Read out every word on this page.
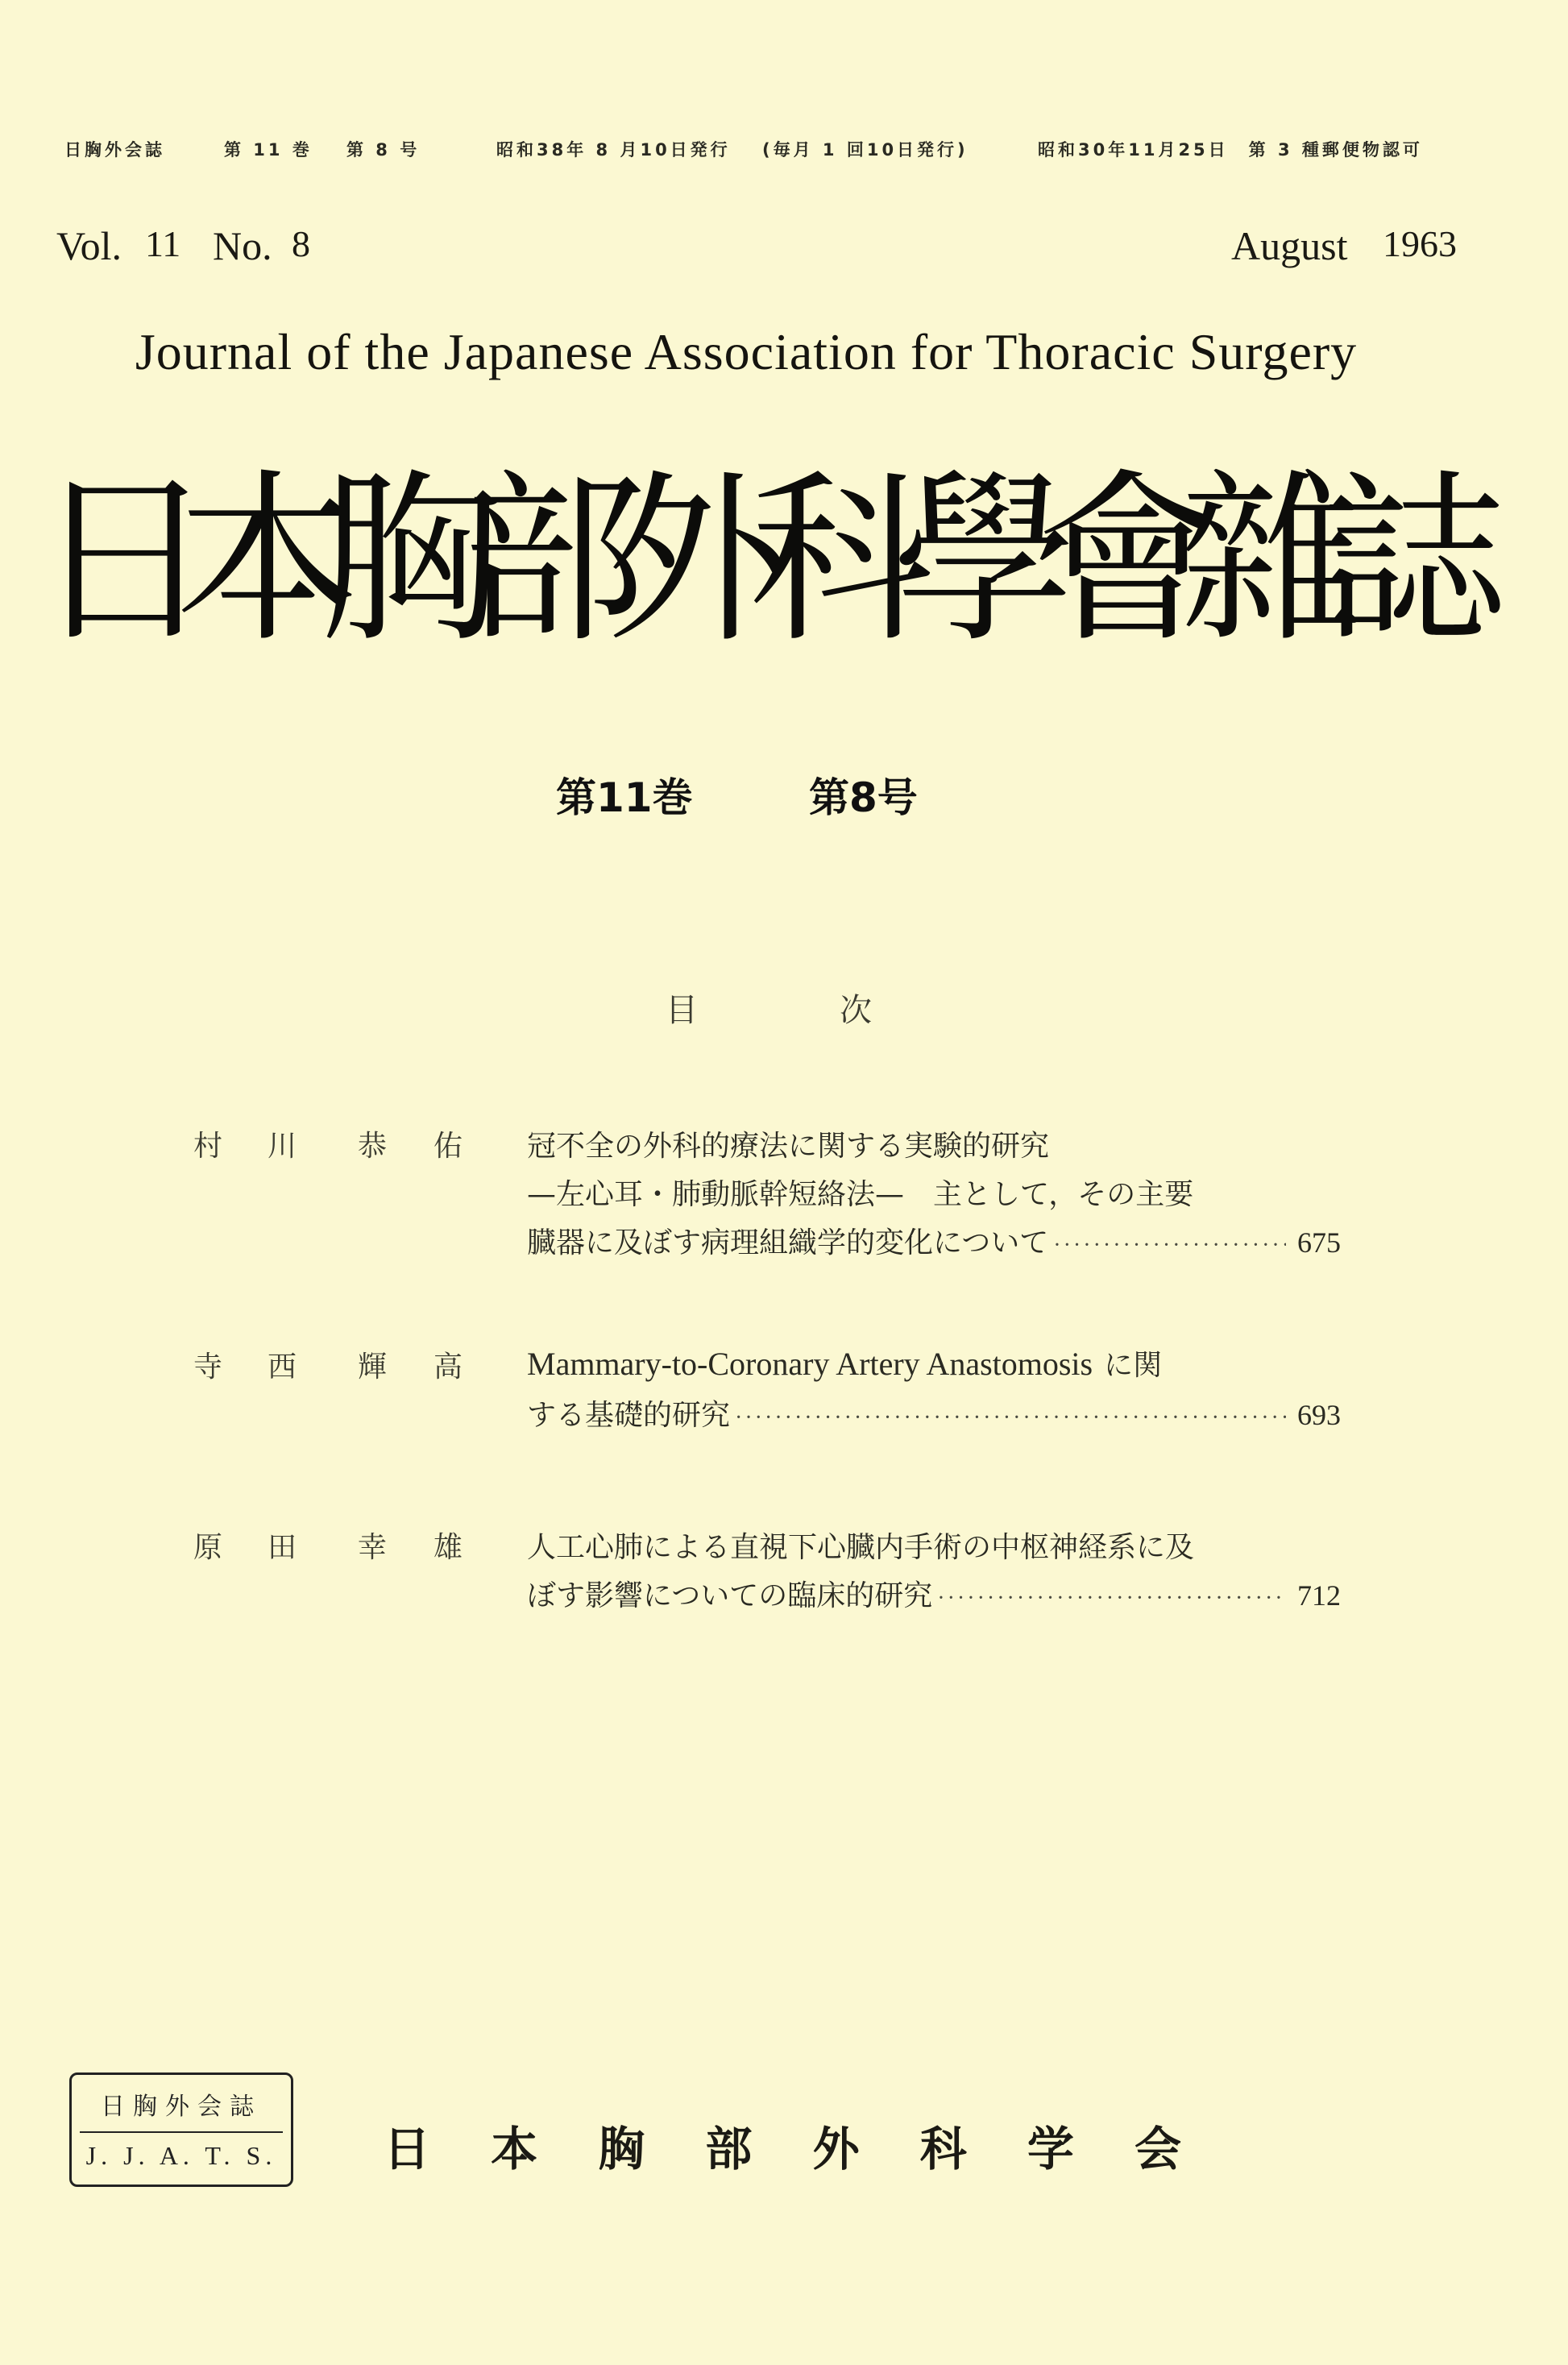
日胸外会誌	第 11 巻 第 8 号	昭和38年 8 月10日発行 (毎月 1 回10日発行)	昭和30年11月25日　第 3 種郵便物認可
Vol. 11 No. 8	August 1963
Journal of the Japanese Association for Thoracic Surgery
日
本
胸
部
外
科
學
會
雜
誌
第11巻	第8号
目	次
村 川 恭 佑 冠不全の外科的療法に関する実験的研究
—左心耳・肺動脈幹短絡法—　主として，その主要
臓器に及ぼす病理組織学的変化について ·····	675
寺 西 輝 高 Mammary-to-Coronary Artery Anastomosis に関
する基礎的研究 ·····	693
原 田 幸 雄 人工心肺による直視下心臓内手術の中枢神経系に及
ぼす影響についての臨床的研究 ·····	712
日胸外会誌
J. J. A. T. S.	日 本 胸 部 外 科 学 会
